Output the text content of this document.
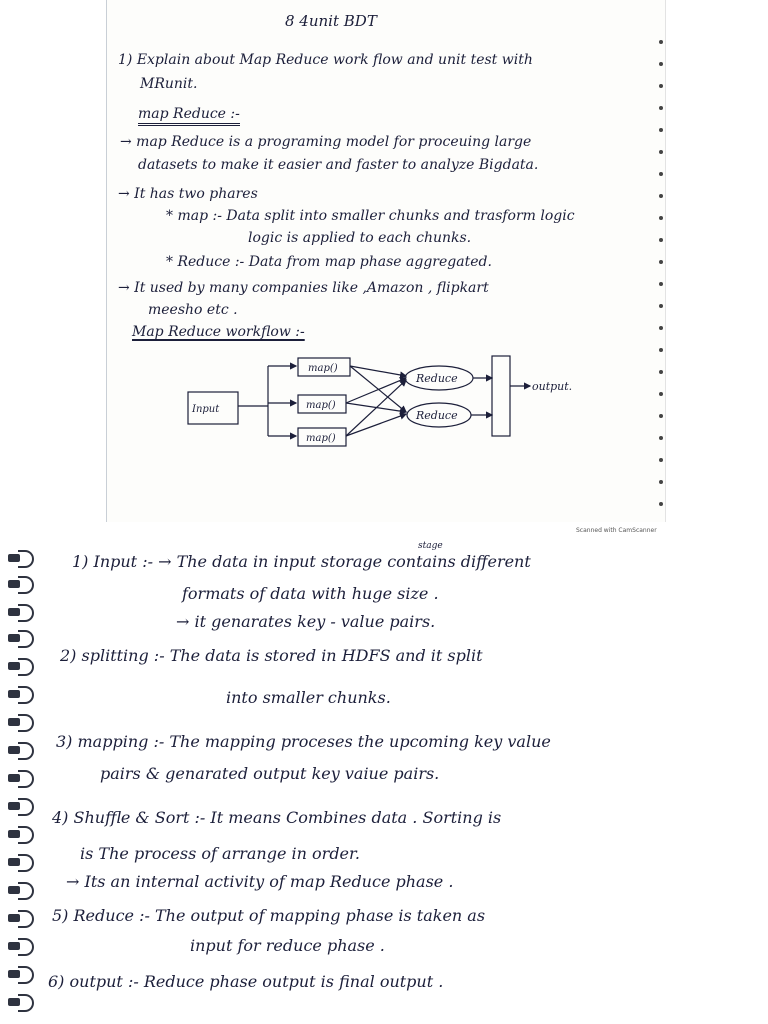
8 4unit BDT
1) Explain about Map Reduce work flow and unit test with
MRunit.
map Reduce :-
→ map Reduce is a programing model for proceuing large
datasets to make it easier and faster to analyze Bigdata.
→ It has two phares
* map :- Data split into smaller chunks and trasform logic
logic is applied to each chunks.
* Reduce :- Data from map phase aggregated.
→ It used by many companies like ,Amazon , flipkart
meesho etc .
Map Reduce workflow :-
Input
map()
map()
map()
Reduce
Reduce
output.
Scanned with CamScanner
1) Input :- → The data in input storage contains different
stage
formats of data with huge size .
→ it genarates key - value pairs.
2) splitting :- The data is stored in HDFS and it split
into smaller chunks.
3) mapping :- The mapping proceses the upcoming key value
pairs & genarated output key vaiue pairs.
4) Shuffle & Sort :- It means Combines data . Sorting is
is The process of arrange in order.
→ Its an internal activity of map Reduce phase .
5) Reduce :- The output of mapping phase is taken as
input for reduce phase .
6) output :- Reduce phase output is final output .
